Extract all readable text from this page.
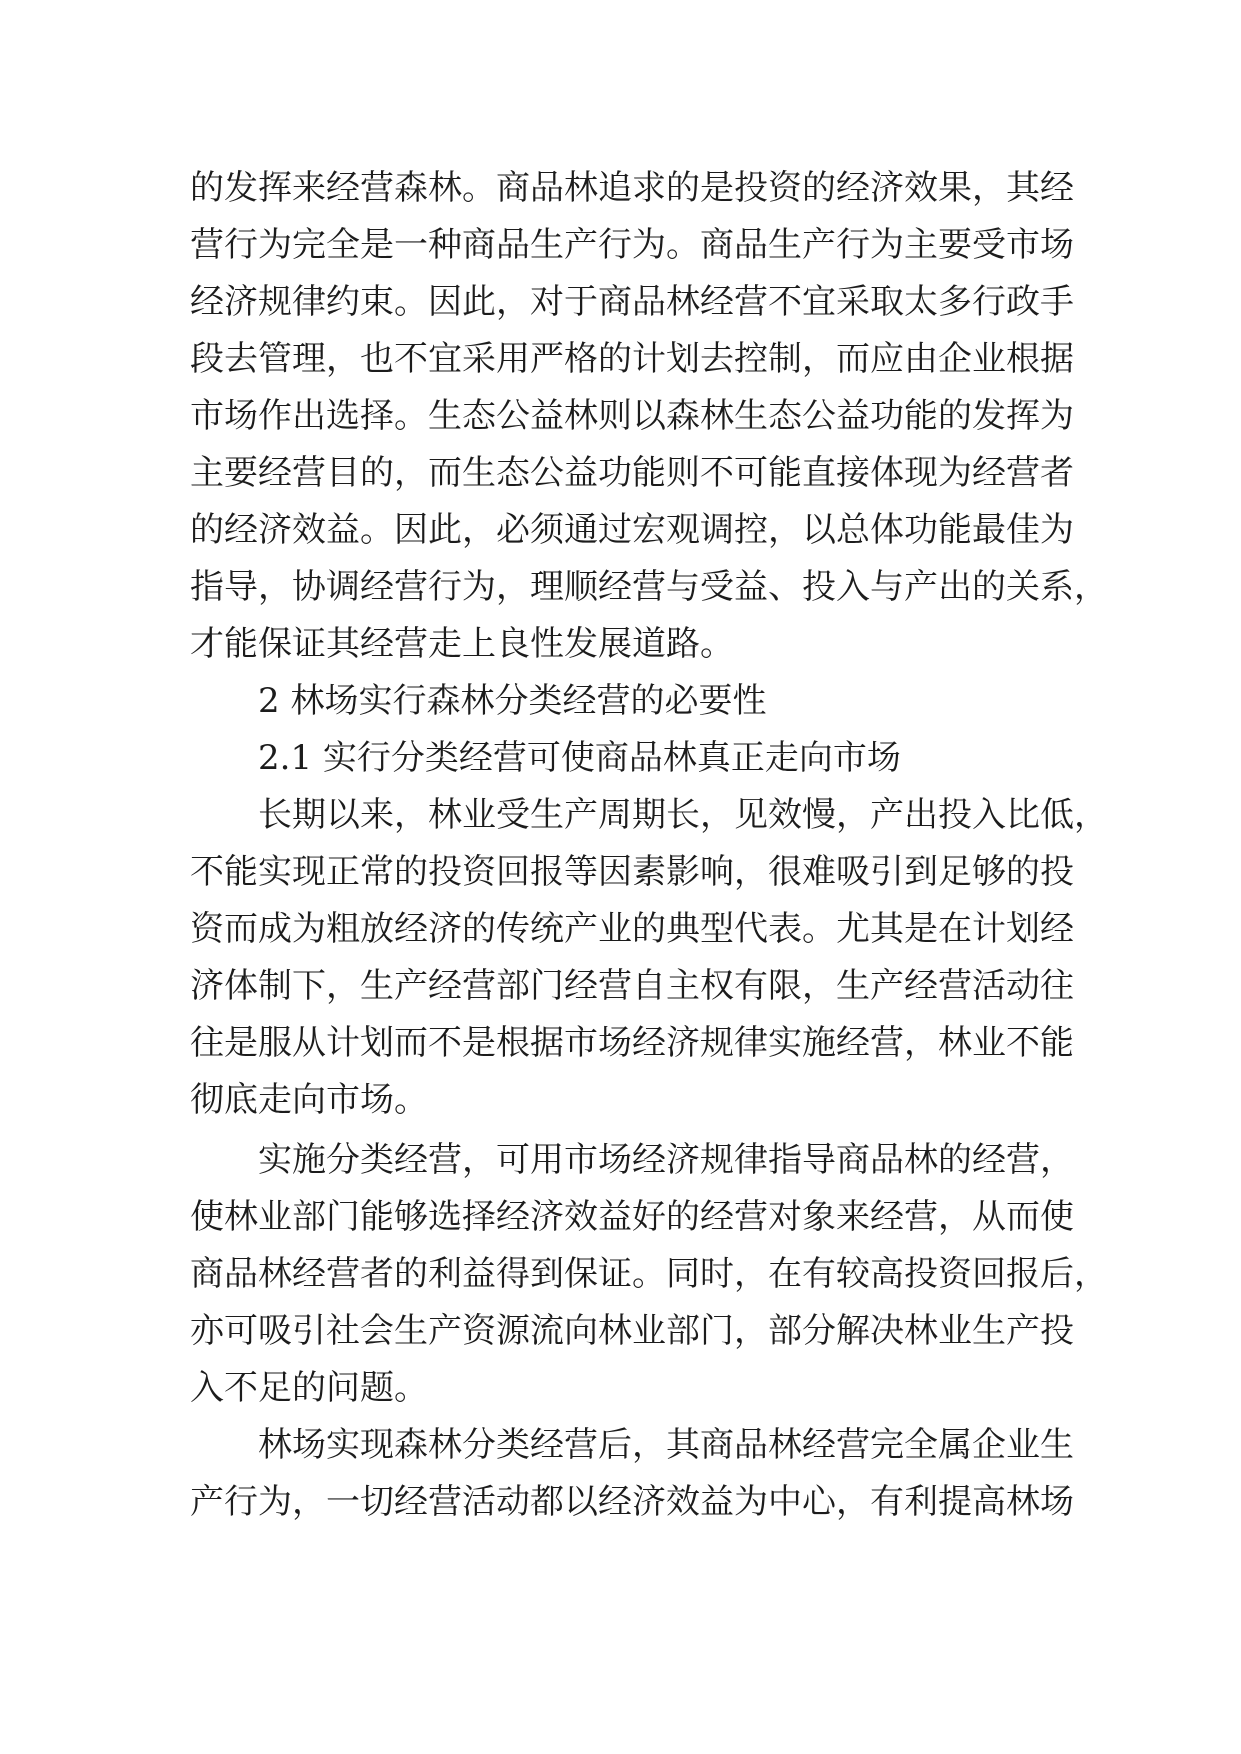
的发挥来经营森林。商品林追求的是投资的经济效果，其经
营行为完全是一种商品生产行为。商品生产行为主要受市场
经济规律约束。因此，对于商品林经营不宜采取太多行政手
段去管理，也不宜采用严格的计划去控制，而应由企业根据
市场作出选择。生态公益林则以森林生态公益功能的发挥为
主要经营目的，而生态公益功能则不可能直接体现为经营者
的经济效益。因此，必须通过宏观调控，以总体功能最佳为
指导，协调经营行为，理顺经营与受益、投入与产出的关系，
才能保证其经营走上良性发展道路。
2 林场实行森林分类经营的必要性
2.1 实行分类经营可使商品林真正走向市场
长期以来，林业受生产周期长，见效慢，产出投入比低，
不能实现正常的投资回报等因素影响，很难吸引到足够的投
资而成为粗放经济的传统产业的典型代表。尤其是在计划经
济体制下，生产经营部门经营自主权有限，生产经营活动往
往是服从计划而不是根据市场经济规律实施经营，林业不能
彻底走向市场。
实施分类经营，可用市场经济规律指导商品林的经营，
使林业部门能够选择经济效益好的经营对象来经营，从而使
商品林经营者的利益得到保证。同时，在有较高投资回报后，
亦可吸引社会生产资源流向林业部门，部分解决林业生产投
入不足的问题。
林场实现森林分类经营后，其商品林经营完全属企业生
产行为，一切经营活动都以经济效益为中心，有利提高林场
